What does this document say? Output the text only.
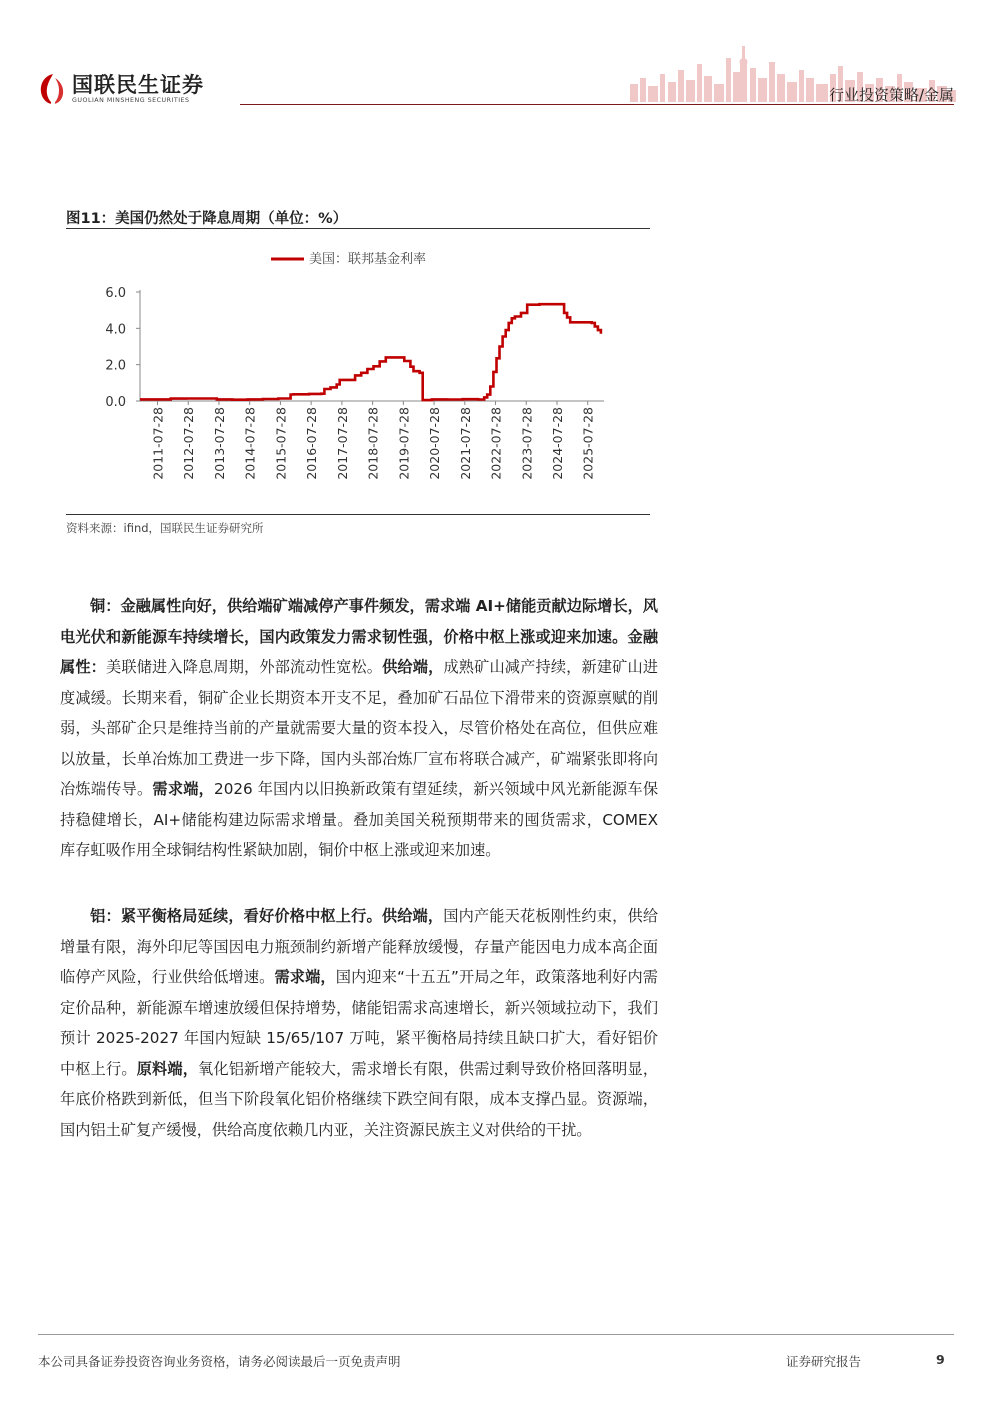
国联民生证券
GUOLIAN MINSHENG SECURITIES	行业投资策略/金属
图11：美国仍然处于降息周期（单位：%）
美国：联邦基金利率
6.0
4.0
2.0
0.0
2011-07-28 2012-07-28 2013-07-28 2014-07-28 2015-07-28 2016-07-28 2017-07-28 2018-07-28 2019-07-28 2020-07-28 2021-07-28 2022-07-28 2023-07-28 2024-07-28 2025-07-28
资料来源：ifind，国联民生证券研究所

铜：金融属性向好，供给端矿端减停产事件频发，需求端 AI+储能贡献边际增长，风电光伏和新能源车持续增长，国内政策发力需求韧性强，价格中枢上涨或迎来加速。金融属性：美联储进入降息周期，外部流动性宽松。供给端，成熟矿山减产持续，新建矿山进度减缓。长期来看，铜矿企业长期资本开支不足，叠加矿石品位下滑带来的资源禀赋的削弱，头部矿企只是维持当前的产量就需要大量的资本投入，尽管价格处在高位，但供应难以放量，长单冶炼加工费进一步下降，国内头部冶炼厂宣布将联合减产，矿端紧张即将向冶炼端传导。需求端，2026 年国内以旧换新政策有望延续，新兴领域中风光新能源车保持稳健增长，AI+储能构建边际需求增量。叠加美国关税预期带来的囤货需求，COMEX 库存虹吸作用全球铜结构性紧缺加剧，铜价中枢上涨或迎来加速。

铝：紧平衡格局延续，看好价格中枢上行。供给端，国内产能天花板刚性约束，供给增量有限，海外印尼等国因电力瓶颈制约新增产能释放缓慢，存量产能因电力成本高企面临停产风险，行业供给低增速。需求端，国内迎来“十五五”开局之年，政策落地利好内需定价品种，新能源车增速放缓但保持增势，储能铝需求高速增长，新兴领域拉动下，我们预计 2025-2027 年国内短缺 15/65/107 万吨，紧平衡格局持续且缺口扩大，看好铝价中枢上行。原料端，氧化铝新增产能较大，需求增长有限，供需过剩导致价格回落明显，年底价格跌到新低，但当下阶段氧化铝价格继续下跌空间有限，成本支撑凸显。资源端，国内铝土矿复产缓慢，供给高度依赖几内亚，关注资源民族主义对供给的干扰。

本公司具备证券投资咨询业务资格，请务必阅读最后一页免责声明	证券研究报告	9
